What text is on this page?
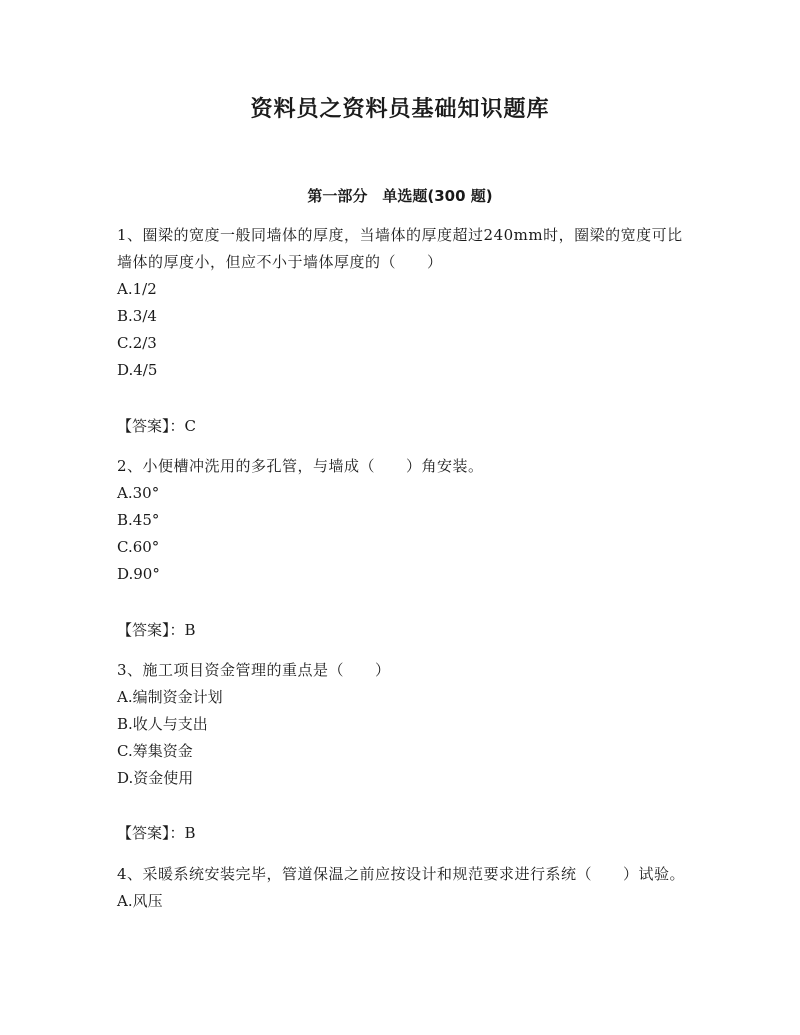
资料员之资料员基础知识题库
第一部分　单选题(300 题)

1、圈梁的宽度一般同墙体的厚度，当墙体的厚度超过240mm时，圈梁的宽度可比墙体的厚度小，但应不小于墙体厚度的（　　）

A.1/2

B.3/4

C.2/3

D.4/5

【答案】：C

2、小便槽冲洗用的多孔管，与墙成（　　）角安装。

A.30°

B.45°

C.60°

D.90°

【答案】：B

3、施工项目资金管理的重点是（　　）

A.编制资金计划

B.收人与支出

C.筹集资金

D.资金使用

【答案】：B

4、采暖系统安装完毕，管道保温之前应按设计和规范要求进行系统（　　）试验。

A.风压
